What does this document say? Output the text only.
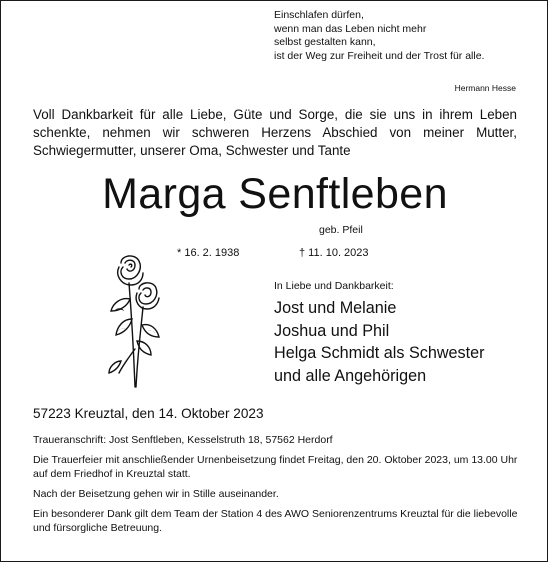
Einschlafen dürfen,
wenn man das Leben nicht mehr
selbst gestalten kann,
ist der Weg zur Freiheit und der Trost für alle.
Hermann Hesse
Voll Dankbarkeit für alle Liebe, Güte und Sorge, die sie uns in ihrem Leben schenkte, nehmen wir schweren Herzens Abschied von meiner Mutter, Schwiegermutter, unserer Oma, Schwester und Tante
Marga Senftleben
geb. Pfeil
* 16. 2. 1938	† 11. 10. 2023
In Liebe und Dankbarkeit:
Jost und Melanie
Joshua und Phil
Helga Schmidt als Schwester
und alle Angehörigen
57223 Kreuztal, den 14. Oktober 2023
Traueranschrift: Jost Senftleben, Kesselstruth 18, 57562 Herdorf
Die Trauerfeier mit anschließender Urnenbeisetzung findet Freitag, den 20. Oktober 2023, um 13.00 Uhr auf dem Friedhof in Kreuztal statt.
Nach der Beisetzung gehen wir in Stille auseinander.
Ein besonderer Dank gilt dem Team der Station 4 des AWO Seniorenzentrums Kreuztal für die liebevolle und fürsorgliche Betreuung.
